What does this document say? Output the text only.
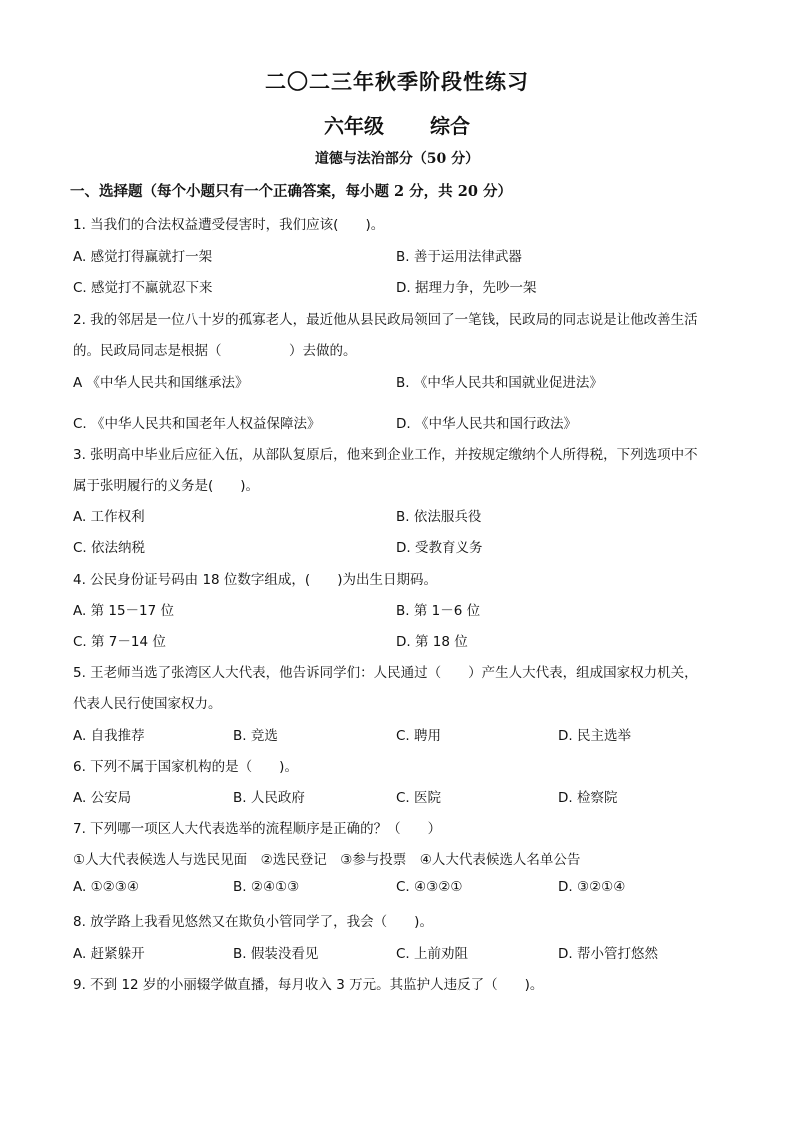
二〇二三年秋季阶段性练习
六年级 综合
道德与法治部分（50 分）
一、选择题（每个小题只有一个正确答案，每小题 2 分，共 20 分）
1. 当我们的合法权益遭受侵害时，我们应该(　　)。
A. 感觉打得赢就打一架	B. 善于运用法律武器
C. 感觉打不赢就忍下来	D. 据理力争，先吵一架
2. 我的邻居是一位八十岁的孤寡老人，最近他从县民政局领回了一笔钱，民政局的同志说是让他改善生活
的。民政局同志是根据（　　　　　）去做的。
A 《中华人民共和国继承法》	B. 《中华人民共和国就业促进法》
C. 《中华人民共和国老年人权益保障法》	D. 《中华人民共和国行政法》
3. 张明高中毕业后应征入伍，从部队复原后，他来到企业工作，并按规定缴纳个人所得税，下列选项中不
属于张明履行的义务是(　　)。
A. 工作权利	B. 依法服兵役
C. 依法纳税	D. 受教育义务
4. 公民身份证号码由 18 位数字组成，(　　)为出生日期码。
A. 第 15－17 位	B. 第 1－6 位
C. 第 7－14 位	D. 第 18 位
5. 王老师当选了张湾区人大代表，他告诉同学们：人民通过（　　）产生人大代表，组成国家权力机关，
代表人民行使国家权力。
A. 自我推荐	B. 竞选	C. 聘用	D. 民主选举
6. 下列不属于国家机构的是（　　)。
A. 公安局	B. 人民政府	C. 医院	D. 检察院
7. 下列哪一项区人大代表选举的流程顺序是正确的？（　　）
①人大代表候选人与选民见面　②选民登记　③参与投票　④人大代表候选人名单公告
A. ①②③④	B. ②④①③	C. ④③②①	D. ③②①④
8. 放学路上我看见悠然又在欺负小管同学了，我会（　　)。
A. 赶紧躲开	B. 假装没看见	C. 上前劝阻	D. 帮小管打悠然
9. 不到 12 岁的小丽辍学做直播，每月收入 3 万元。其监护人违反了（　　)。
